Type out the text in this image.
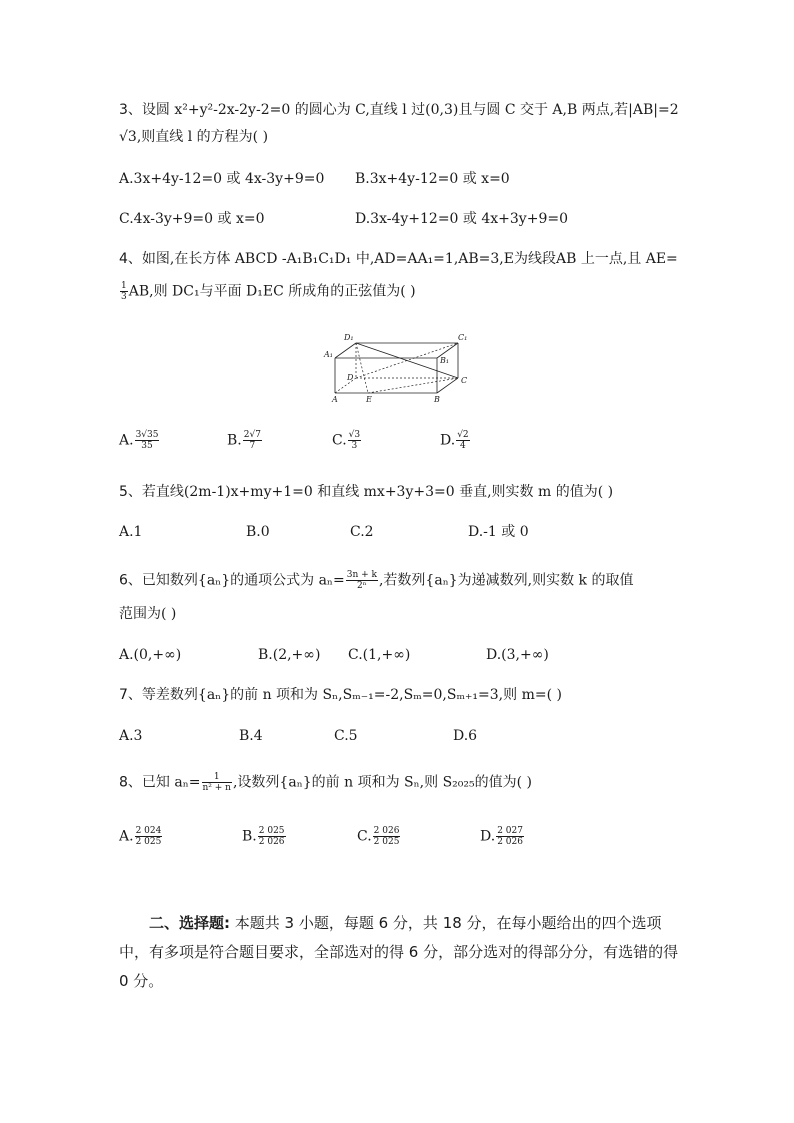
3、设圆 x²+y²-2x-2y-2=0 的圆心为 C,直线 l 过(0,3)且与圆 C 交于 A,B 两点,若|AB|=2
√3,则直线 l 的方程为( )
A.3x+4y-12=0 或 4x-3y+9=0 B.3x+4y-12=0 或 x=0
C.4x-3y+9=0 或 x=0	D.3x-4y+12=0 或 4x+3y+9=0
4、如图,在长方体 ABCD -A₁B₁C₁D₁ 中,AD=AA₁=1,AB=3,E为线段AB 上一点,且 AE=
$\frac{1}{3}$ AB,则 DC₁与平面 D₁EC 所成角的正弦值为( )
D₁	C₁
A₁
B₁
D	C
A	E	B
A. $\frac{3√35}{35}$	B. $\frac{2√7}{7}$	C. $\frac{√3}{3}$	D. $\frac{√2}{4}$
5、若直线(2m-1)x+my+1=0 和直线 mx+3y+3=0 垂直,则实数 m 的值为( )
A.1	B.0	C.2	D.-1 或 0
6、已知数列{aₙ}的通项公式为 $a_n= \frac{3n + k}{\text{2ⁿ}}$ ,若数列{aₙ}为递减数列,则实数 k 的取值
范围为( )
A.(0,+∞)	B.(2,+∞) C.(1,+∞)	D.(3,+∞)
7、等差数列{aₙ}的前 n 项和为 Sₙ,Sₘ₋₁=-2,Sₘ=0,Sₘ₊₁=3,则 m=( )
A.3	B.4	C.5	D.6
8、已知 $a_n= \frac{1}{\text{n² + n}}$ ,设数列{aₙ}的前 n 项和为 Sₙ,则 S₂₀₂₅的值为( )
A. $\frac{2 024}{2 025}$	B. $\frac{2 025}{2 026}$	C. $\frac{2 026}{2 025}$	D. $\frac{2 027}{2 026}$
二、选择题: 本题共 3 小题，每题 6 分，共 18 分，在每小题给出的四个选项中，有多项是符合题目要求，全部选对的得 6 分，部分选对的得部分分，有选错的得 0 分。
